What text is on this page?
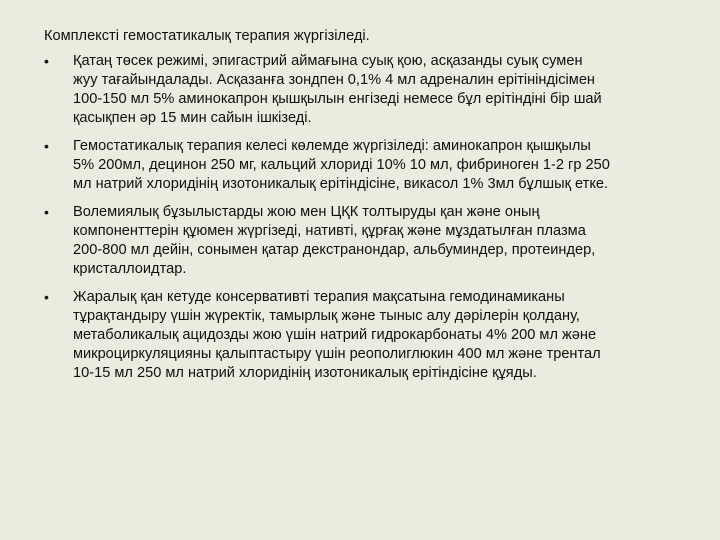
Комплексті гемостатикалық терапия жүргізіледі.

• Қатаң төсек режимі, эпигастрий аймағына суық қою, асқазанды суық сумен
жуу тағайындалады. Асқазанға зондпен 0,1% 4 мл адреналин ерітініндісімен
100-150 мл 5% аминокапрон қышқылын енгізеді немесе бұл ерітіндіні бір шай
қасықпен әр 15 мин сайын ішкізеді.
• Гемостатикалық терапия келесі көлемде жүргізіледі: аминокапрон қышқылы
5% 200мл, децинон 250 мг, кальций хлориді 10% 10 мл, фибриноген 1-2 гр 250
мл натрий хлоридінің изотоникалық ерітіндісіне, викасол 1% 3мл бұлшық етке.
• Волемиялық бұзылыстарды жою мен ЦҚК толтыруды қан және оның
компоненттерін құюмен жүргізеді, нативті, құрғақ және мұздатылған плазма
200-800 мл дейін, сонымен қатар декстранондар, альбуминдер, протеиндер,
кристаллоидтар.
• Жаралық қан кетуде консервативті терапия мақсатына гемодинамиканы
тұрақтандыру үшін жүректік, тамырлық және тыныс алу дәрілерін қолдану,
метаболикалық ацидозды жою үшін натрий гидрокарбонаты 4% 200 мл және
микроциркуляцияны қалыптастыру үшін реополиглюкин 400 мл және трентал
10-15 мл 250 мл натрий хлоридінің изотоникалық ерітіндісіне құяды.
